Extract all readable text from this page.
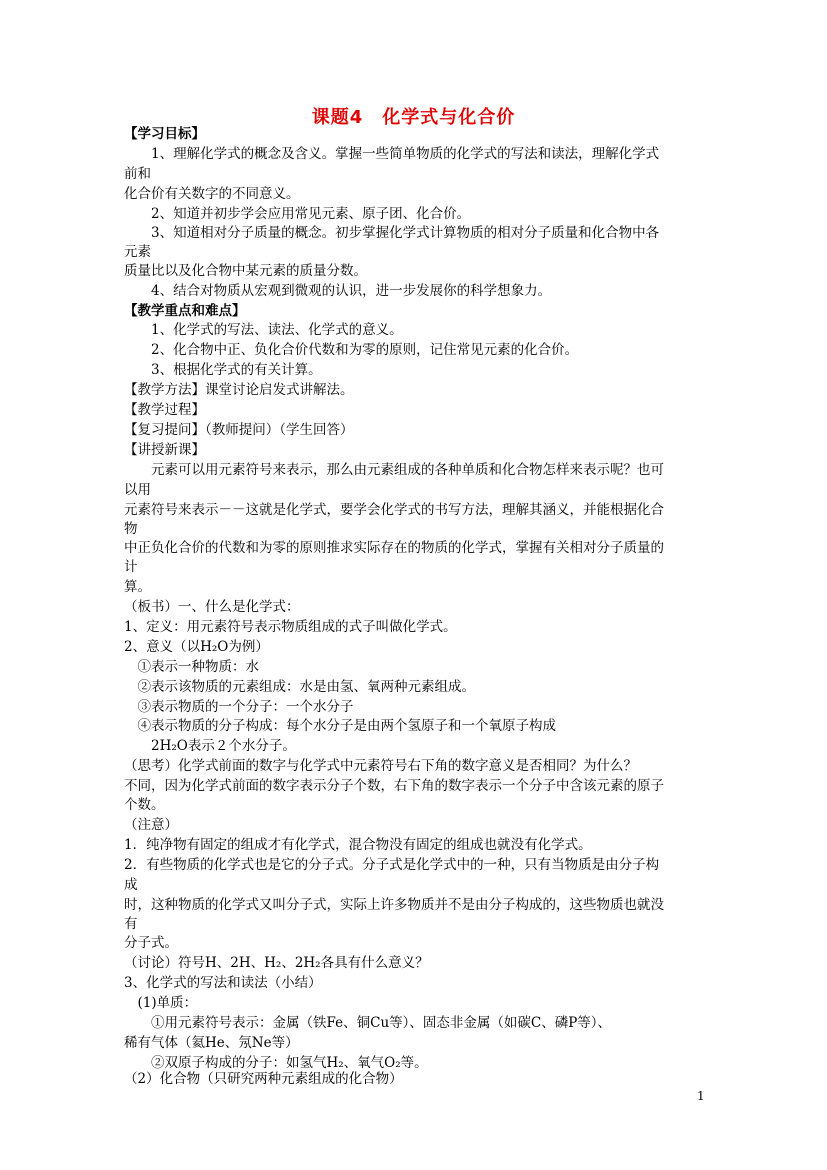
课题4　化学式与化合价
【学习目标】
　　1、理解化学式的概念及含义。掌握一些简单物质的化学式的写法和读法，理解化学式
前和
化合价有关数字的不同意义。
　　2、知道并初步学会应用常见元素、原子团、化合价。
　　3、知道相对分子质量的概念。初步掌握化学式计算物质的相对分子质量和化合物中各
元素
质量比以及化合物中某元素的质量分数。
　　4、结合对物质从宏观到微观的认识，进一步发展你的科学想象力。
【教学重点和难点】
　　1、化学式的写法、读法、化学式的意义。
　　2、化合物中正、负化合价代数和为零的原则，记住常见元素的化合价。
　　3、根据化学式的有关计算。
【教学方法】课堂讨论启发式讲解法。
【教学过程】
【复习提问】（教师提问）（学生回答）
【讲授新课】
　　元素可以用元素符号来表示，那么由元素组成的各种单质和化合物怎样来表示呢？也可
以用
元素符号来表示－－这就是化学式，要学会化学式的书写方法，理解其涵义，并能根据化合
物
中正负化合价的代数和为零的原则推求实际存在的物质的化学式，掌握有关相对分子质量的
计
算。
（板书）一、什么是化学式：
1、定义：用元素符号表示物质组成的式子叫做化学式。
2、意义（以H₂O为例）
　①表示一种物质：水
　②表示该物质的元素组成：水是由氢、氧两种元素组成。
　③表示物质的一个分子：一个水分子
　④表示物质的分子构成：每个水分子是由两个氢原子和一个氧原子构成
　　2H₂O表示２个水分子。
（思考）化学式前面的数字与化学式中元素符号右下角的数字意义是否相同？为什么？
不同，因为化学式前面的数字表示分子个数，右下角的数字表示一个分子中含该元素的原子
个数。
（注意）
1．纯净物有固定的组成才有化学式，混合物没有固定的组成也就没有化学式。
2．有些物质的化学式也是它的分子式。分子式是化学式中的一种，只有当物质是由分子构
成
时，这种物质的化学式又叫分子式，实际上许多物质并不是由分子构成的，这些物质也就没
有
分子式。
（讨论）符号H、2H、H₂、2H₂各具有什么意义？
3、化学式的写法和读法（小结）
　(1)单质：
　　①用元素符号表示：金属（铁Fe、铜Cu等）、固态非金属（如碳C、磷P等）、
稀有气体（氦He、氖Ne等）
　　②双原子构成的分子：如氢气H₂、氧气O₂等。
（2）化合物（只研究两种元素组成的化合物）
1
